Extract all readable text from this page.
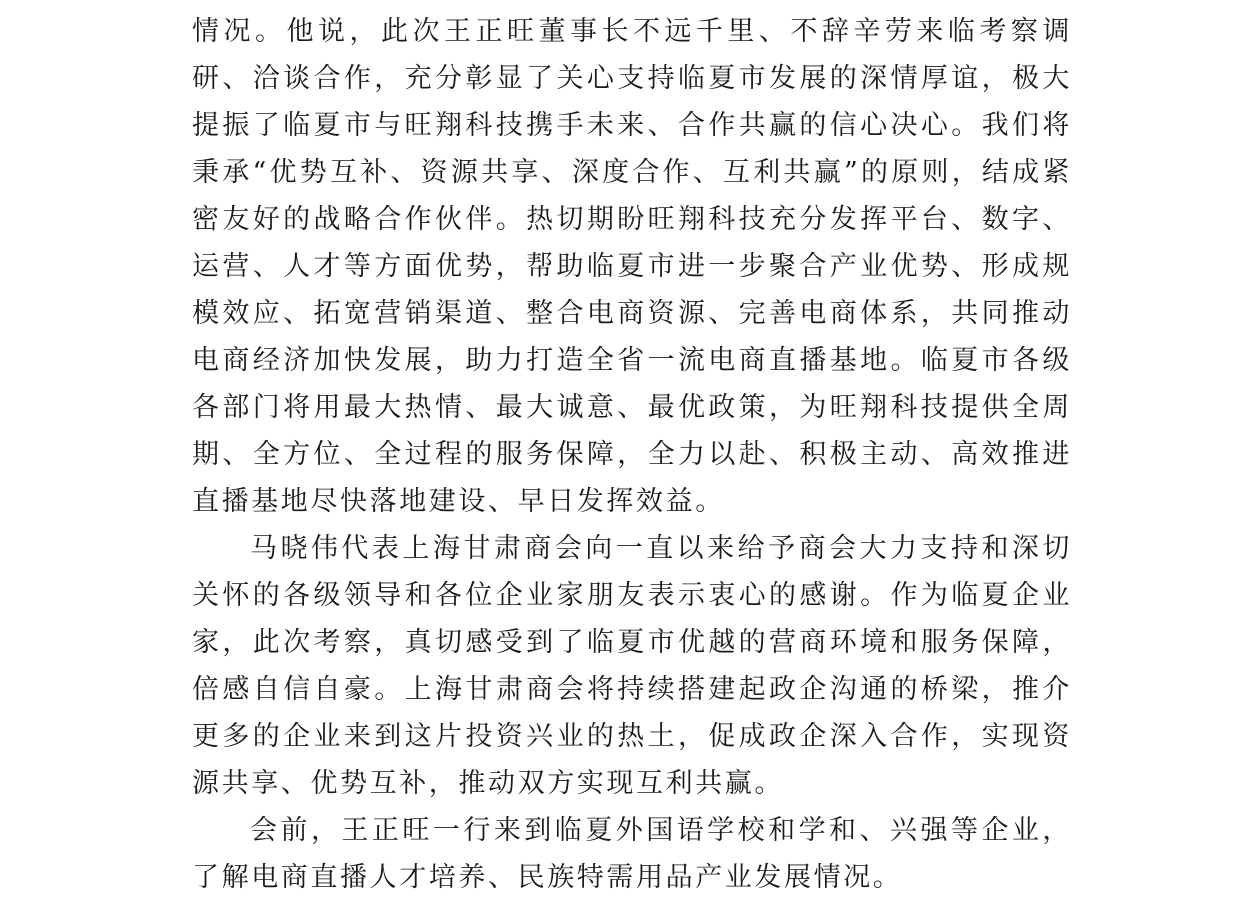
情况。他说，此次王正旺董事长不远千里、不辞辛劳来临考察调研、洽谈合作，充分彰显了关心支持临夏市发展的深情厚谊，极大提振了临夏市与旺翔科技携手未来、合作共赢的信心决心。我们将秉承“优势互补、资源共享、深度合作、互利共赢”的原则，结成紧密友好的战略合作伙伴。热切期盼旺翔科技充分发挥平台、数字、运营、人才等方面优势，帮助临夏市进一步聚合产业优势、形成规模效应、拓宽营销渠道、整合电商资源、完善电商体系，共同推动电商经济加快发展，助力打造全省一流电商直播基地。临夏市各级各部门将用最大热情、最大诚意、最优政策，为旺翔科技提供全周期、全方位、全过程的服务保障，全力以赴、积极主动、高效推进直播基地尽快落地建设、早日发挥效益。

马晓伟代表上海甘肃商会向一直以来给予商会大力支持和深切关怀的各级领导和各位企业家朋友表示衷心的感谢。作为临夏企业家，此次考察，真切感受到了临夏市优越的营商环境和服务保障，倍感自信自豪。上海甘肃商会将持续搭建起政企沟通的桥梁，推介更多的企业来到这片投资兴业的热土，促成政企深入合作，实现资源共享、优势互补，推动双方实现互利共赢。

会前，王正旺一行来到临夏外国语学校和学和、兴强等企业，了解电商直播人才培养、民族特需用品产业发展情况。
